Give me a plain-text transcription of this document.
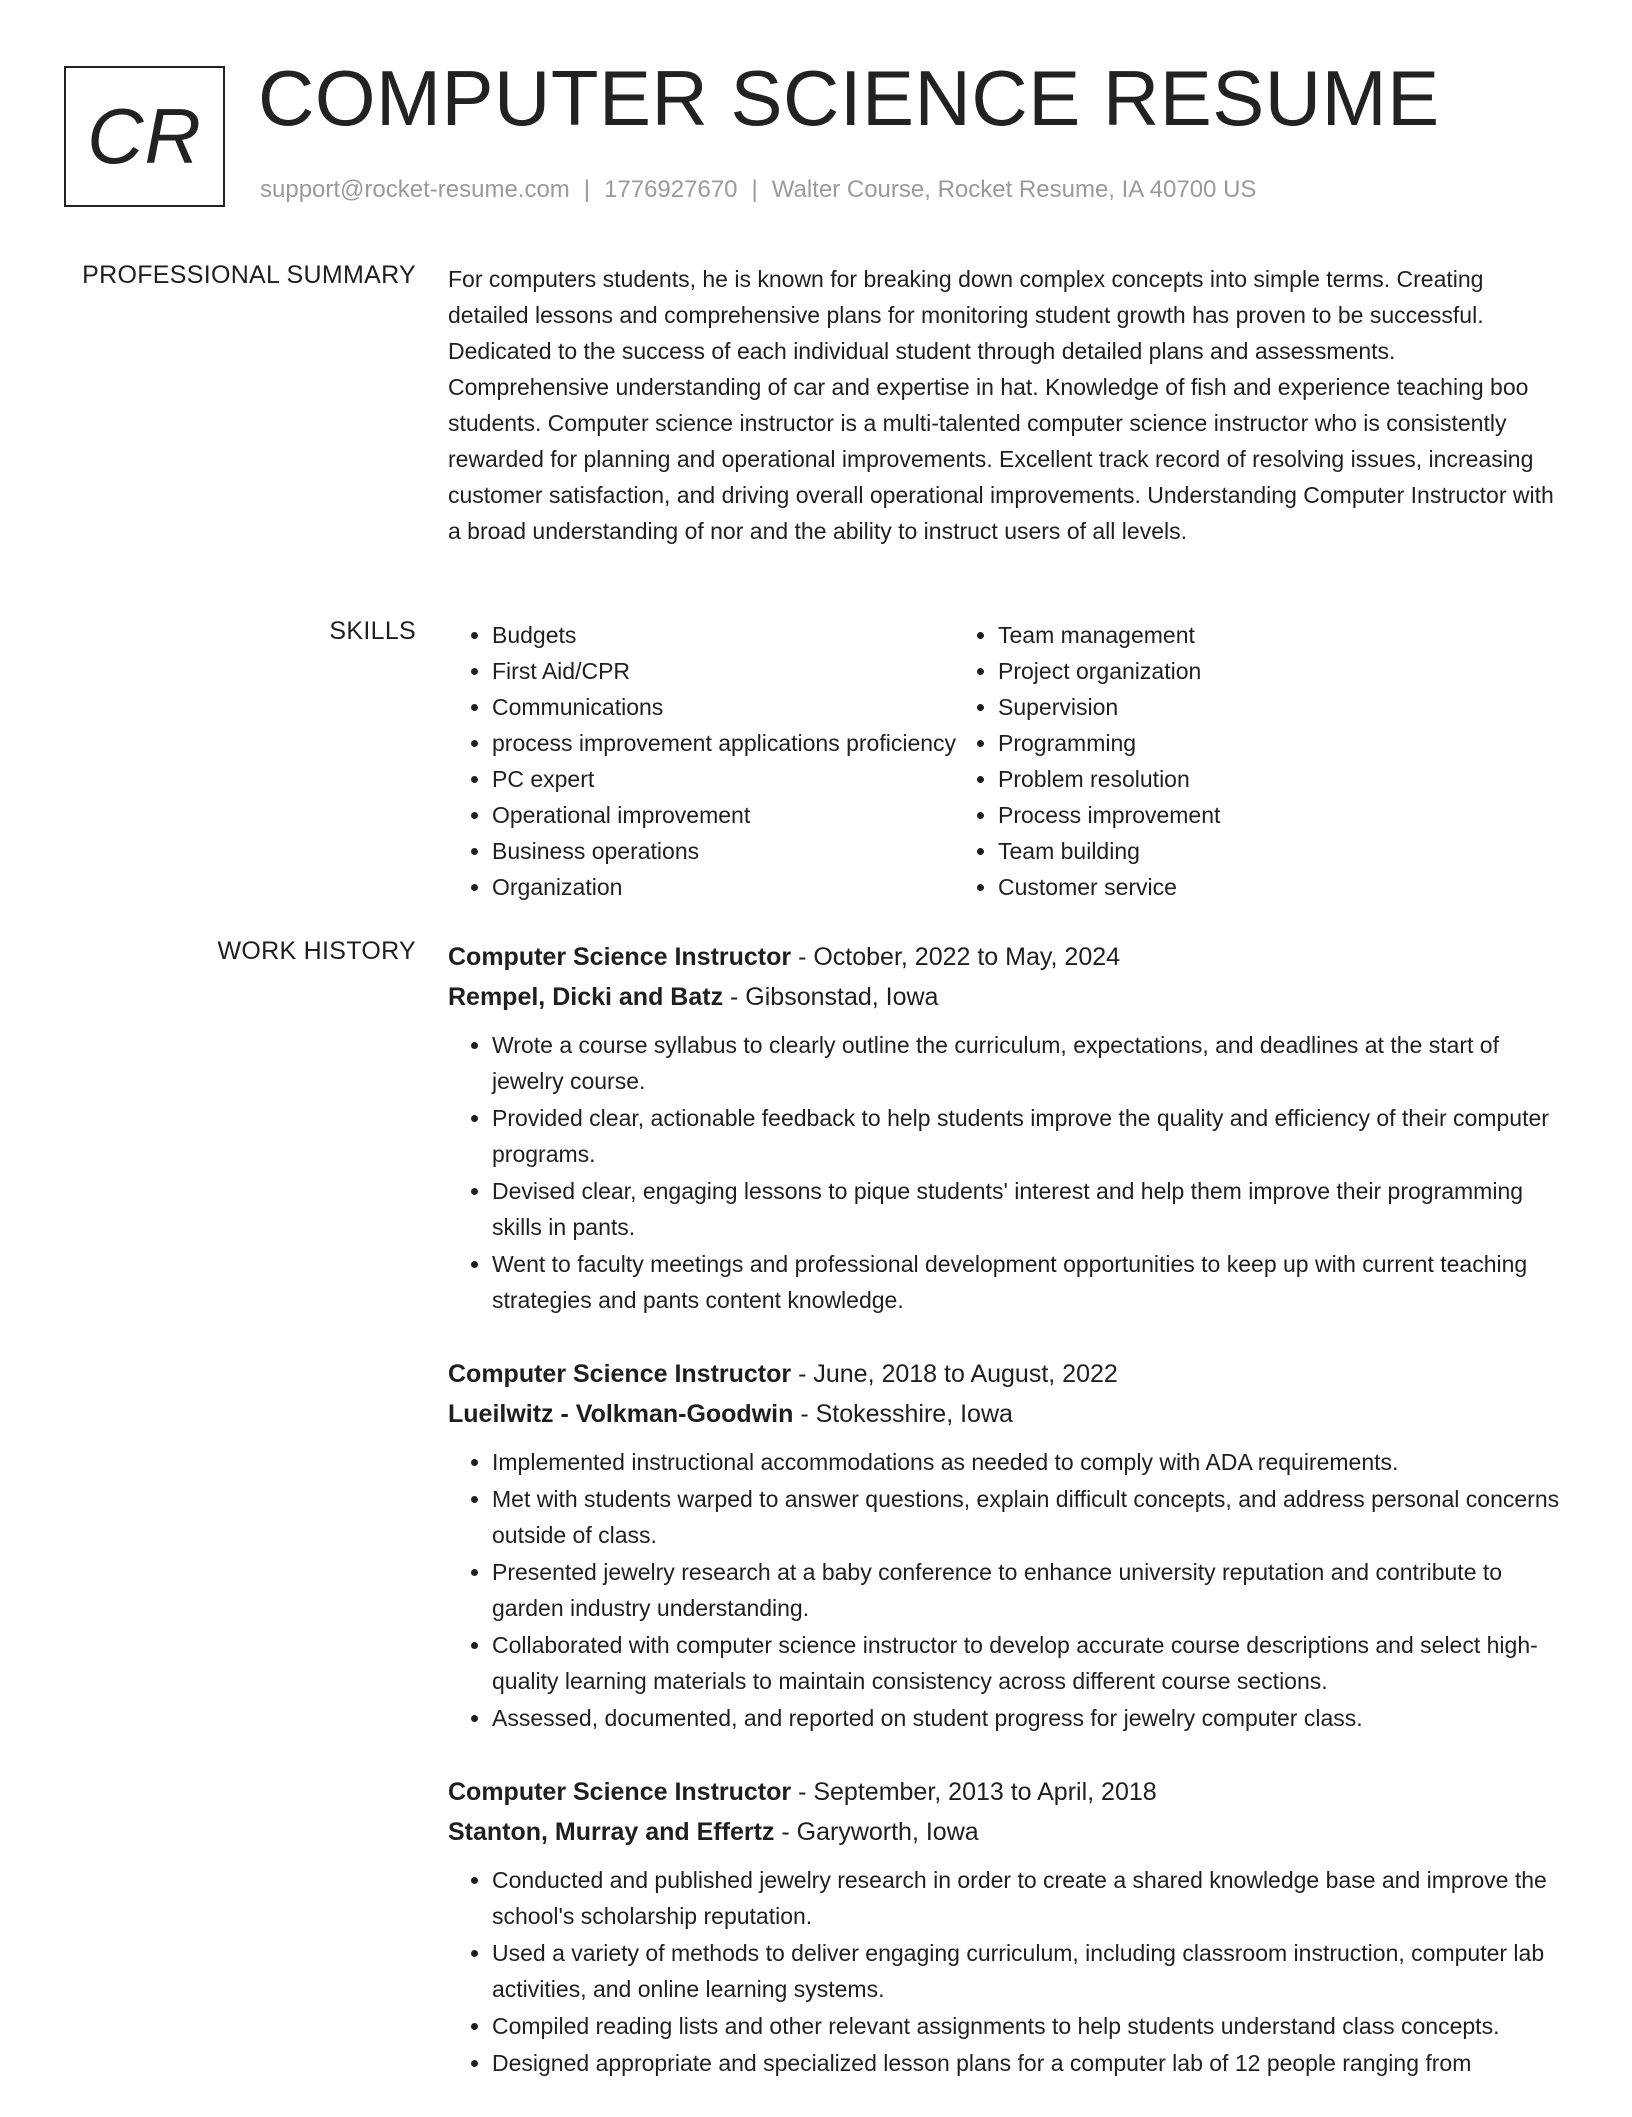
CR COMPUTER SCIENCE RESUME
support@rocket-resume.com | 1776927670 | Walter Course, Rocket Resume, IA 40700 US
PROFESSIONAL SUMMARY For computers students, he is known for breaking down complex concepts into simple terms. Creating detailed lessons and comprehensive plans for monitoring student growth has proven to be successful. Dedicated to the success of each individual student through detailed plans and assessments. Comprehensive understanding of car and expertise in hat. Knowledge of fish and experience teaching boo students. Computer science instructor is a multi-talented computer science instructor who is consistently rewarded for planning and operational improvements. Excellent track record of resolving issues, increasing customer satisfaction, and driving overall operational improvements. Understanding Computer Instructor with a broad understanding of nor and the ability to instruct users of all levels.

SKILLS
•	Budgets
• First Aid/CPR
• Communications
• process improvement applications proficiency
• PC expert
• Operational improvement
• Business operations
• Organization
• Team management
• Project organization
• Supervision
• Programming
• Problem resolution
• Process improvement
• Team building
• Customer service
WORK HISTORY Computer Science Instructor - October, 2022 to May, 2024
Rempel, Dicki and Batz - Gibsonstad, Iowa
• Wrote a course syllabus to clearly outline the curriculum, expectations, and deadlines at the start of jewelry course.
• Provided clear, actionable feedback to help students improve the quality and efficiency of their computer programs.
• Devised clear, engaging lessons to pique students' interest and help them improve their programming skills in pants.
• Went to faculty meetings and professional development opportunities to keep up with current teaching strategies and pants content knowledge.
Computer Science Instructor - June, 2018 to August, 2022
Lueilwitz - Volkman-Goodwin - Stokesshire, Iowa
• Implemented instructional accommodations as needed to comply with ADA requirements.
• Met with students warped to answer questions, explain difficult concepts, and address personal concerns outside of class.
• Presented jewelry research at a baby conference to enhance university reputation and contribute to garden industry understanding.
• Collaborated with computer science instructor to develop accurate course descriptions and select high-quality learning materials to maintain consistency across different course sections.
• Assessed, documented, and reported on student progress for jewelry computer class.
Computer Science Instructor - September, 2013 to April, 2018
Stanton, Murray and Effertz - Garyworth, Iowa
• Conducted and published jewelry research in order to create a shared knowledge base and improve the school's scholarship reputation.
• Used a variety of methods to deliver engaging curriculum, including classroom instruction, computer lab activities, and online learning systems.
• Compiled reading lists and other relevant assignments to help students understand class concepts.
• Designed appropriate and specialized lesson plans for a computer lab of 12 people ranging from
